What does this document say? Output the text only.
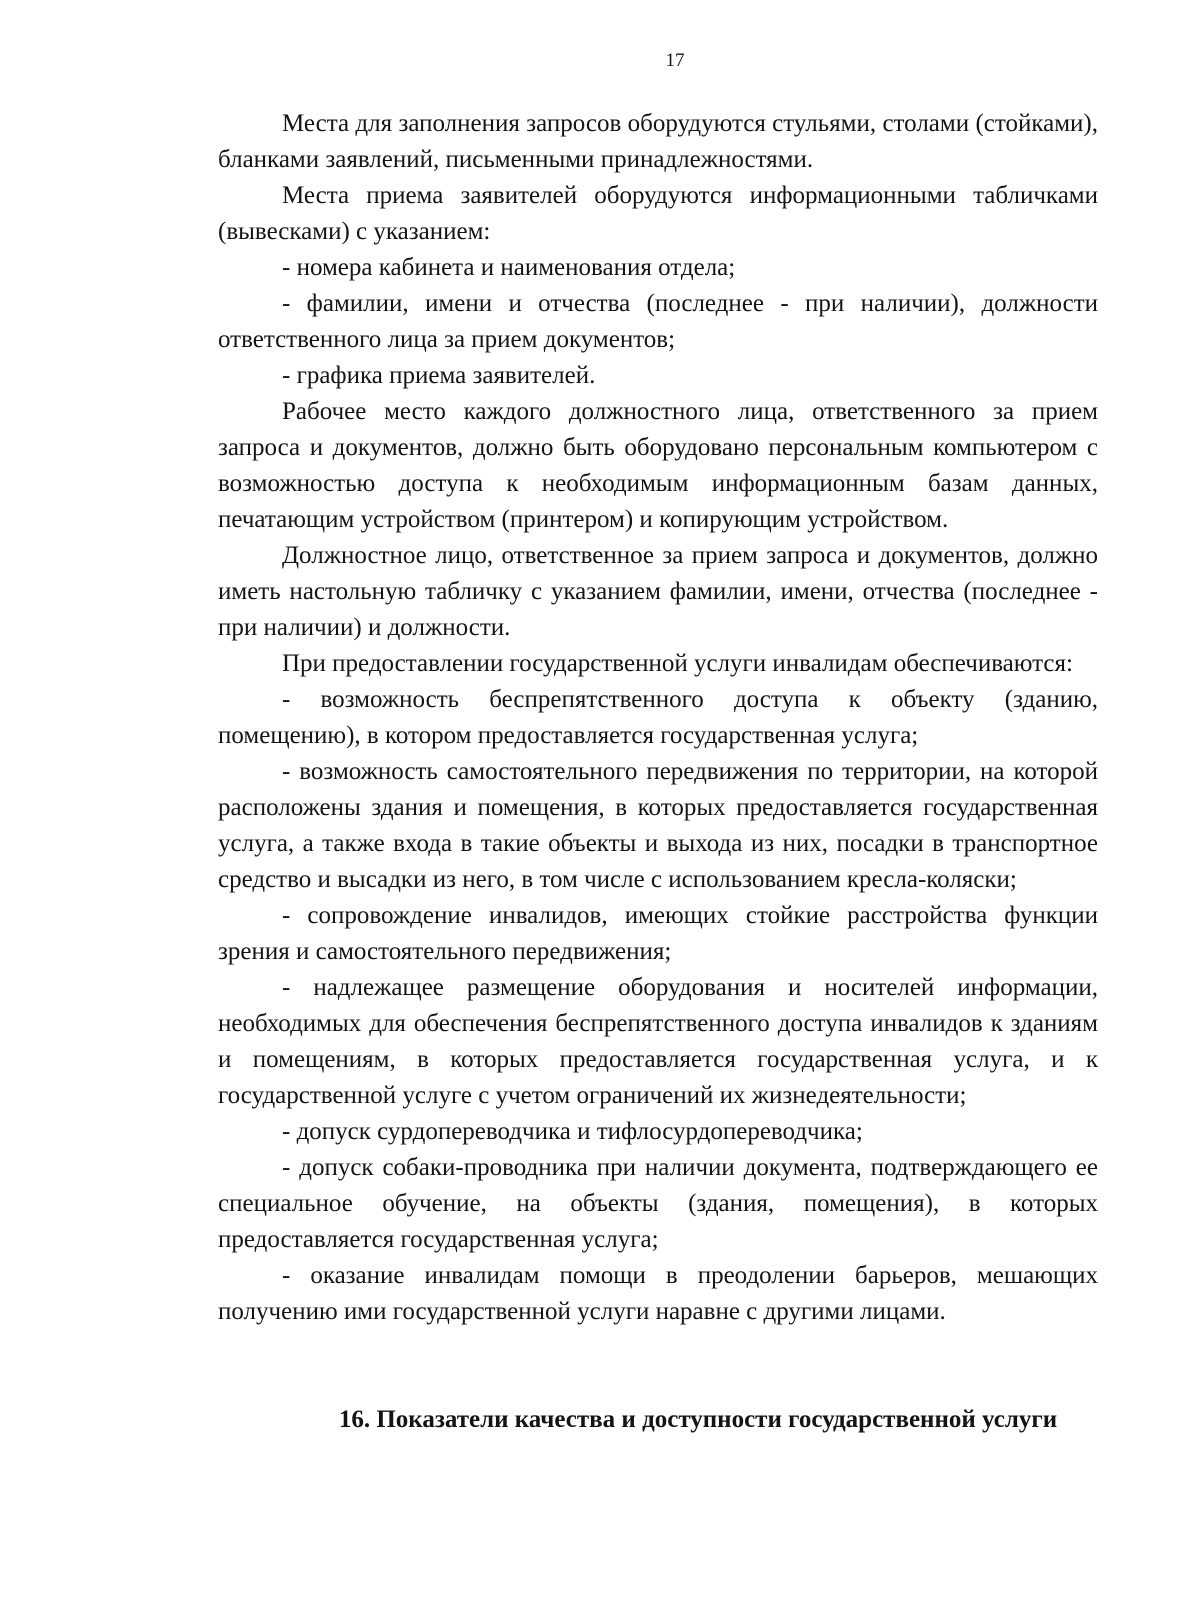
17

Места для заполнения запросов оборудуются стульями, столами (стойками), бланками заявлений, письменными принадлежностями.

Места приема заявителей оборудуются информационными табличками (вывесками) с указанием:

- номера кабинета и наименования отдела;

- фамилии, имени и отчества (последнее - при наличии), должности ответственного лица за прием документов;

- графика приема заявителей.

Рабочее место каждого должностного лица, ответственного за прием запроса и документов, должно быть оборудовано персональным компьютером с возможностью доступа к необходимым информационным базам данных, печатающим устройством (принтером) и копирующим устройством.

Должностное лицо, ответственное за прием запроса и документов, должно иметь настольную табличку с указанием фамилии, имени, отчества (последнее - при наличии) и должности.

При предоставлении государственной услуги инвалидам обеспечиваются:

- возможность беспрепятственного доступа к объекту (зданию, помещению), в котором предоставляется государственная услуга;

- возможность самостоятельного передвижения по территории, на которой расположены здания и помещения, в которых предоставляется государственная услуга, а также входа в такие объекты и выхода из них, посадки в транспортное средство и высадки из него, в том числе с использованием кресла-коляски;

- сопровождение инвалидов, имеющих стойкие расстройства функции зрения и самостоятельного передвижения;

- надлежащее размещение оборудования и носителей информации, необходимых для обеспечения беспрепятственного доступа инвалидов к зданиям и помещениям, в которых предоставляется государственная услуга, и к государственной услуге с учетом ограничений их жизнедеятельности;

- допуск сурдопереводчика и тифлосурдопереводчика;

- допуск собаки-проводника при наличии документа, подтверждающего ее специальное обучение, на объекты (здания, помещения), в которых предоставляется государственная услуга;

- оказание инвалидам помощи в преодолении барьеров, мешающих получению ими государственной услуги наравне с другими лицами.

16. Показатели качества и доступности государственной услуги
